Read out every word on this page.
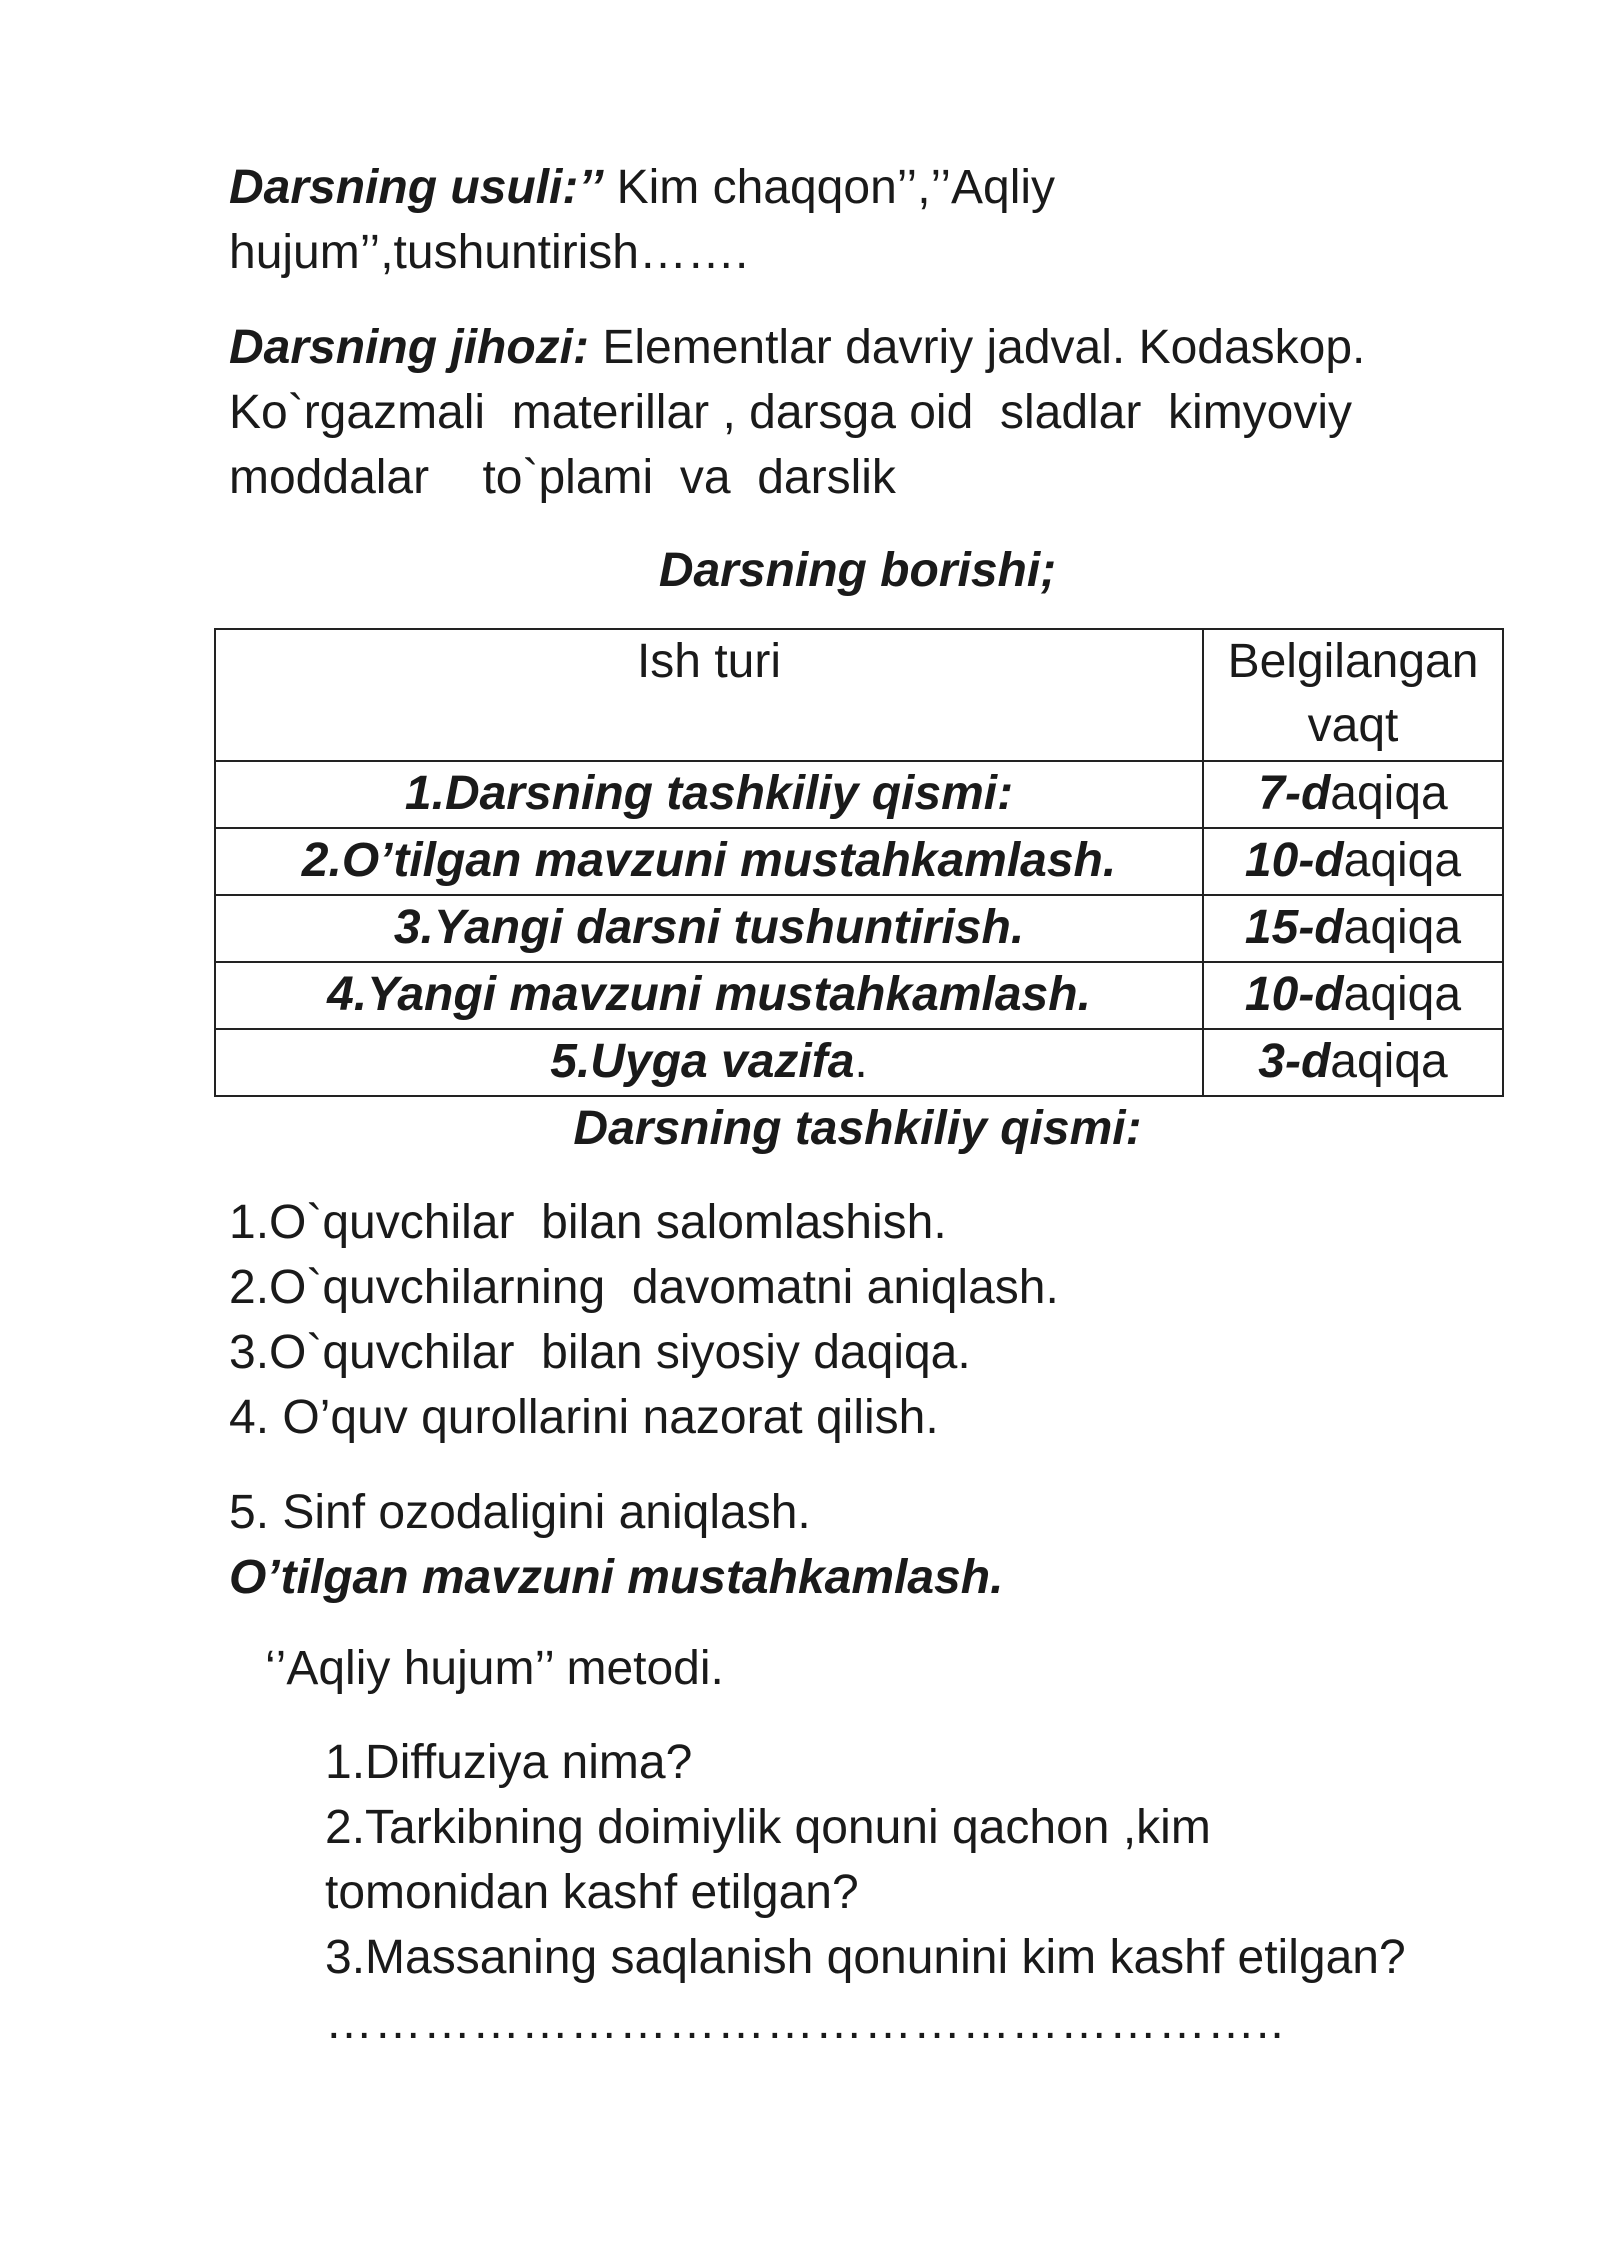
Darsning usuli:’’ Kim chaqqon’’,’’Aqliy
hujum’’,tushuntirish…….
Darsning jihozi: Elementlar davriy jadval. Kodaskop.
Ko`rgazmali  materillar , darsga oid  sladlar  kimyoviy
moddalar    to`plami  va  darslik
Darsning borishi;
Ish turi	Belgilangan
vaqt

1.Darsning tashkiliy qismi:	7-daqiqa
2.O’tilgan mavzuni mustahkamlash.	10-daqiqa
3.Yangi darsni tushuntirish.	15-daqiqa
4.Yangi mavzuni mustahkamlash.	10-daqiqa
5.Uyga vazifa.	3-daqiqa
Darsning tashkiliy qismi:
1.O`quvchilar  bilan salomlashish.
2.O`quvchilarning  davomatni aniqlash.
3.O`quvchilar  bilan siyosiy daqiqa.
4. O’quv qurollarini nazorat qilish.
5. Sinf ozodaligini aniqlash.
O’tilgan mavzuni mustahkamlash.
‘’Aqliy hujum’’ metodi.
1.Diffuziya nima?
2.Tarkibning doimiylik qonuni qachon ,kim
tomonidan kashf etilgan?
3.Massaning saqlanish qonunini kim kashf etilgan?
…………………………………………………..
